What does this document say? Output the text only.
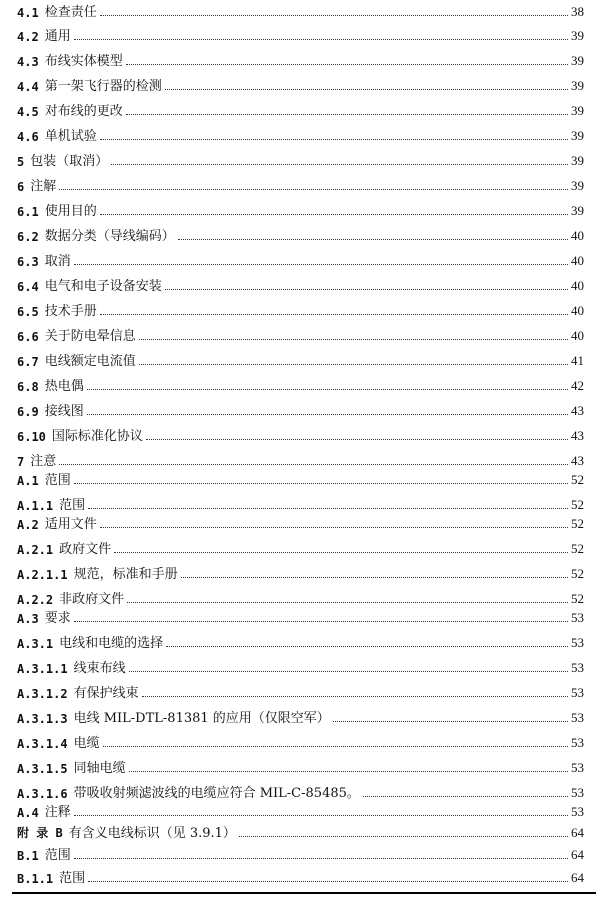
4.1 检查责任	38
4.2 通用	39
4.3 布线实体模型	39
4.4 第一架飞行器的检测	39
4.5 对布线的更改	39
4.6 单机试验	39
5 包装（取消）	39
6 注解	39
6.1 使用目的	39
6.2 数据分类（导线编码）	40
6.3 取消	40
6.4 电气和电子设备安装	40
6.5 技术手册	40
6.6 关于防电晕信息	40
6.7 电线额定电流值	41
6.8 热电偶	42
6.9 接线图	43
6.10 国际标准化协议	43
7 注意	43
A.1 范围	52
A.1.1 范围	52
A.2 适用文件	52
A.2.1 政府文件	52
A.2.1.1 规范，标准和手册	52
A.2.2 非政府文件	52
A.3 要求	53
A.3.1 电线和电缆的选择	53
A.3.1.1 线束布线	53
A.3.1.2 有保护线束	53
A.3.1.3 电线 MIL-DTL-81381 的应用（仅限空军）	53
A.3.1.4 电缆	53
A.3.1.5 同轴电缆	53
A.3.1.6 带吸收射频滤波线的电缆应符合 MIL-C-85485。	53
A.4 注释	53
附 录 B 有含义电线标识（见 3.9.1）	64
B.1 范围	64
B.1.1 范围	64
